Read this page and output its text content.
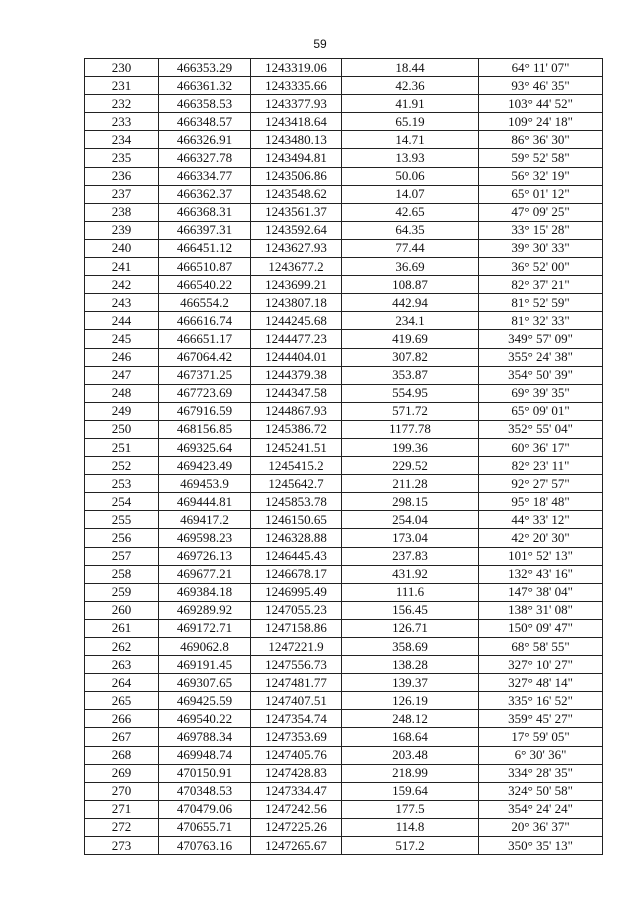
59
230	466353.29	1243319.06	18.44	64° 11' 07"
231	466361.32	1243335.66	42.36	93° 46' 35"
232	466358.53	1243377.93	41.91	103° 44' 52"
233	466348.57	1243418.64	65.19	109° 24' 18"
234	466326.91	1243480.13	14.71	86° 36' 30"
235	466327.78	1243494.81	13.93	59° 52' 58"
236	466334.77	1243506.86	50.06	56° 32' 19"
237	466362.37	1243548.62	14.07	65° 01' 12"
238	466368.31	1243561.37	42.65	47° 09' 25"
239	466397.31	1243592.64	64.35	33° 15' 28"
240	466451.12	1243627.93	77.44	39° 30' 33"
241	466510.87	1243677.2	36.69	36° 52' 00"
242	466540.22	1243699.21	108.87	82° 37' 21"
243	466554.2	1243807.18	442.94	81° 52' 59"
244	466616.74	1244245.68	234.1	81° 32' 33"
245	466651.17	1244477.23	419.69	349° 57' 09"
246	467064.42	1244404.01	307.82	355° 24' 38"
247	467371.25	1244379.38	353.87	354° 50' 39"
248	467723.69	1244347.58	554.95	69° 39' 35"
249	467916.59	1244867.93	571.72	65° 09' 01"
250	468156.85	1245386.72	1177.78	352° 55' 04"
251	469325.64	1245241.51	199.36	60° 36' 17"
252	469423.49	1245415.2	229.52	82° 23' 11"
253	469453.9	1245642.7	211.28	92° 27' 57"
254	469444.81	1245853.78	298.15	95° 18' 48"
255	469417.2	1246150.65	254.04	44° 33' 12"
256	469598.23	1246328.88	173.04	42° 20' 30"
257	469726.13	1246445.43	237.83	101° 52' 13"
258	469677.21	1246678.17	431.92	132° 43' 16"
259	469384.18	1246995.49	111.6	147° 38' 04"
260	469289.92	1247055.23	156.45	138° 31' 08"
261	469172.71	1247158.86	126.71	150° 09' 47"
262	469062.8	1247221.9	358.69	68° 58' 55"
263	469191.45	1247556.73	138.28	327° 10' 27"
264	469307.65	1247481.77	139.37	327° 48' 14"
265	469425.59	1247407.51	126.19	335° 16' 52"
266	469540.22	1247354.74	248.12	359° 45' 27"
267	469788.34	1247353.69	168.64	17° 59' 05"
268	469948.74	1247405.76	203.48	6° 30' 36"
269	470150.91	1247428.83	218.99	334° 28' 35"
270	470348.53	1247334.47	159.64	324° 50' 58"
271	470479.06	1247242.56	177.5	354° 24' 24"
272	470655.71	1247225.26	114.8	20° 36' 37"
273	470763.16	1247265.67	517.2	350° 35' 13"
